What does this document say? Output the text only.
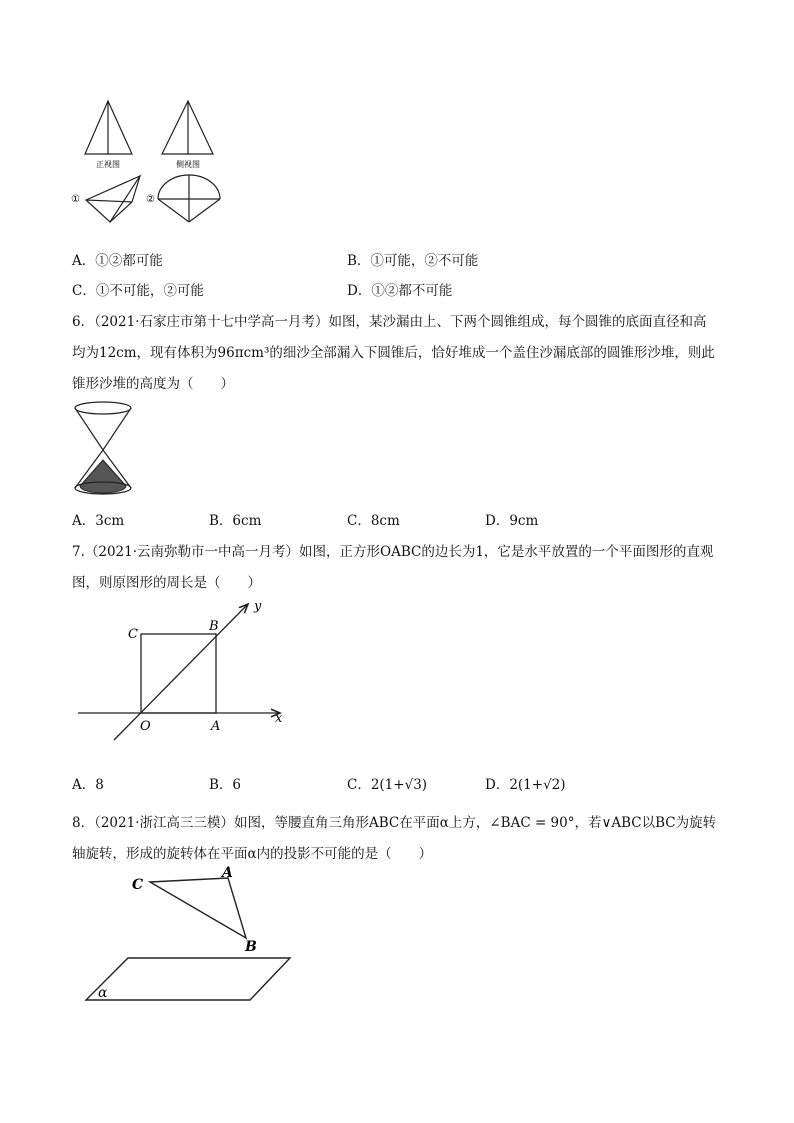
正视图	侧视图
①	②
A．①②都可能	B．①可能，②不可能
C．①不可能，②可能	D．①②都不可能
6．（2021·石家庄市第十七中学高一月考）如图，某沙漏由上、下两个圆锥组成，每个圆锥的底面直径和高
均为12cm，现有体积为96πcm³的细沙全部漏入下圆锥后，恰好堆成一个盖住沙漏底部的圆锥形沙堆，则此
锥形沙堆的高度为（　　）
A．3cm	B．6cm	C．8cm	D．9cm
7.（2021·云南弥勒市一中高一月考）如图，正方形OABC的边长为1，它是水平放置的一个平面图形的直观
图，则原图形的周长是（　　）
C
B
y
O	A
x
A．8	B．6	C．2(1+√3)	D．2(1+√2)
8．（2021·浙江高三三模）如图，等腰直角三角形ABC在平面α上方，∠BAC = 90°，若∨ABC以BC为旋转
轴旋转，形成的旋转体在平面α内的投影不可能的是（　　）
C
A
B
α
